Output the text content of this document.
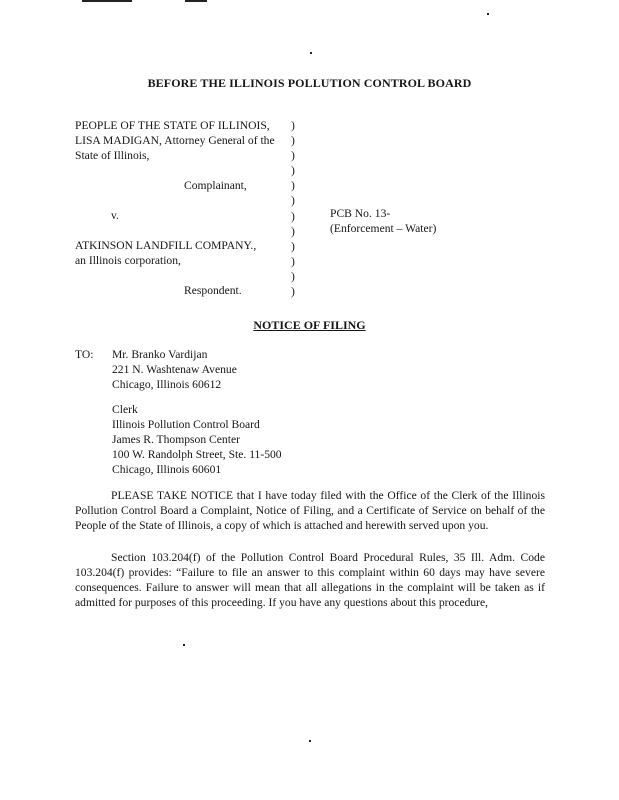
BEFORE THE ILLINOIS POLLUTION CONTROL BOARD
PEOPLE OF THE STATE OF ILLINOIS,
LISA MADIGAN, Attorney General of the
State of Illinois,
Complainant,
v.
ATKINSON LANDFILL COMPANY.,
an Illinois corporation,
Respondent.
)
)
)
)
)
)
)
)
)
)
)
)
PCB No. 13-
(Enforcement – Water)
NOTICE OF FILING
TO: Mr. Branko Vardijan
221 N. Washtenaw Avenue
Chicago, Illinois 60612
Clerk
Illinois Pollution Control Board
James R. Thompson Center
100 W. Randolph Street, Ste. 11-500
Chicago, Illinois 60601
PLEASE TAKE NOTICE that I have today filed with the Office of the Clerk of the Illinois Pollution Control Board a Complaint, Notice of Filing, and a Certificate of Service on behalf of the People of the State of Illinois, a copy of which is attached and herewith served upon you.
Section 103.204(f) of the Pollution Control Board Procedural Rules, 35 Ill. Adm. Code 103.204(f) provides: “Failure to file an answer to this complaint within 60 days may have severe consequences. Failure to answer will mean that all allegations in the complaint will be taken as if admitted for purposes of this proceeding. If you have any questions about this procedure,
